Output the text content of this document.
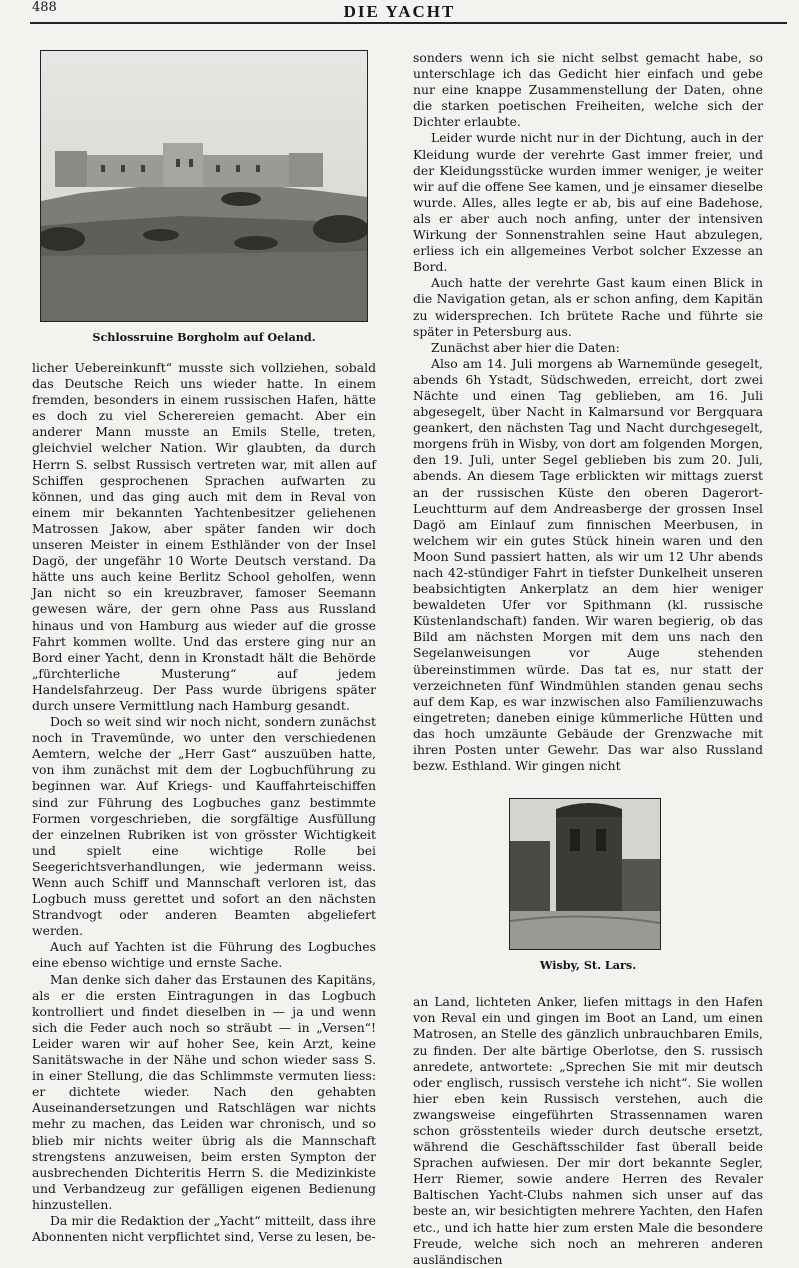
488	DIE YACHT
Schlossruine Borgholm auf Oeland.

licher Uebereinkunft“ musste sich vollziehen, sobald das Deutsche Reich uns wieder hatte. In einem fremden, besonders in einem russischen Hafen, hätte es doch zu viel Scherereien gemacht. Aber ein anderer Mann musste an Emils Stelle, treten, gleichviel welcher Nation. Wir glaubten, da durch Herrn S. selbst Russisch vertreten war, mit allen auf Schiffen gesprochenen Sprachen aufwarten zu können, und das ging auch mit dem in Reval von einem mir bekannten Yachtenbesitzer geliehenen Matrossen Jakow, aber später fanden wir doch unseren Meister in einem Esthländer von der Insel Dagö, der ungefähr 10 Worte Deutsch verstand. Da hätte uns auch keine Berlitz School geholfen, wenn Jan nicht so ein kreuzbraver, famoser Seemann gewesen wäre, der gern ohne Pass aus Russland hinaus und von Hamburg aus wieder auf die grosse Fahrt kommen wollte. Und das erstere ging nur an Bord einer Yacht, denn in Kronstadt hält die Behörde „fürchterliche Musterung“ auf jedem Handelsfahrzeug. Der Pass wurde übrigens später durch unsere Vermittlung nach Hamburg gesandt.

Doch so weit sind wir noch nicht, sondern zunächst noch in Travemünde, wo unter den verschiedenen Aemtern, welche der „Herr Gast“ auszuüben hatte, von ihm zunächst mit dem der Logbuchführung zu beginnen war. Auf Kriegs- und Kauffahrteischiffen sind zur Führung des Logbuches ganz bestimmte Formen vorgeschrieben, die sorgfältige Ausfüllung der einzelnen Rubriken ist von grösster Wichtigkeit und spielt eine wichtige Rolle bei Seegerichtsverhandlungen, wie jedermann weiss. Wenn auch Schiff und Mannschaft verloren ist, das Logbuch muss gerettet und sofort an den nächsten Strandvogt oder anderen Beamten abgeliefert werden.

Auch auf Yachten ist die Führung des Logbuches eine ebenso wichtige und ernste Sache.

Man denke sich daher das Erstaunen des Kapitäns, als er die ersten Eintragungen in das Logbuch kontrolliert und findet dieselben in — ja und wenn sich die Feder auch noch so sträubt — in „Versen“! Leider waren wir auf hoher See, kein Arzt, keine Sanitätswache in der Nähe und schon wieder sass S. in einer Stellung, die das Schlimmste vermuten liess: er dichtete wieder. Nach den gehabten Auseinandersetzungen und Ratschlägen war nichts mehr zu machen, das Leiden war chronisch, und so blieb mir nichts weiter übrig als die Mannschaft strengstens anzuweisen, beim ersten Sympton der ausbrechenden Dichteritis Herrn S. die Medizinkiste und Verbandzeug zur gefälligen eigenen Bedienung hinzustellen.

Da mir die Redaktion der „Yacht“ mitteilt, dass ihre Abonnenten nicht verpflichtet sind, Verse zu lesen, be-

sonders wenn ich sie nicht selbst gemacht habe, so unterschlage ich das Gedicht hier einfach und gebe nur eine knappe Zusammenstellung der Daten, ohne die starken poetischen Freiheiten, welche sich der Dichter erlaubte.

Leider wurde nicht nur in der Dichtung, auch in der Kleidung wurde der verehrte Gast immer freier, und der Kleidungsstücke wurden immer weniger, je weiter wir auf die offene See kamen, und je einsamer dieselbe wurde. Alles, alles legte er ab, bis auf eine Badehose, als er aber auch noch anfing, unter der intensiven Wirkung der Sonnenstrahlen seine Haut abzulegen, erliess ich ein allgemeines Verbot solcher Exzesse an Bord.

Auch hatte der verehrte Gast kaum einen Blick in die Navigation getan, als er schon anfing, dem Kapitän zu widersprechen. Ich brütete Rache und führte sie später in Petersburg aus.

Zunächst aber hier die Daten:

Also am 14. Juli morgens ab Warnemünde gesegelt, abends 6h Ystadt, Südschweden, erreicht, dort zwei Nächte und einen Tag geblieben, am 16. Juli abgesegelt, über Nacht in Kalmarsund vor Bergquara geankert, den nächsten Tag und Nacht durchgesegelt, morgens früh in Wisby, von dort am folgenden Morgen, den 19. Juli, unter Segel geblieben bis zum 20. Juli, abends. An diesem Tage erblickten wir mittags zuerst an der russischen Küste den oberen Dagerort-Leuchtturm auf dem Andreasberge der grossen Insel Dagö am Einlauf zum finnischen Meerbusen, in welchem wir ein gutes Stück hinein waren und den Moon Sund passiert hatten, als wir um 12 Uhr abends nach 42-stündiger Fahrt in tiefster Dunkelheit unseren beabsichtigten Ankerplatz an dem hier weniger bewaldeten Ufer vor Spithmann (kl. russische Küstenlandschaft) fanden. Wir waren begierig, ob das Bild am nächsten Morgen mit dem uns nach den Segelanweisungen vor Auge stehenden übereinstimmen würde. Das tat es, nur statt der verzeichneten fünf Windmühlen standen genau sechs auf dem Kap, es war inzwischen also Familienzuwachs eingetreten; daneben einige kümmerliche Hütten und das hoch umzäunte Gebäude der Grenzwache mit ihren Posten unter Gewehr. Das war also Russland bezw. Esthland. Wir gingen nicht

Wisby, St. Lars.

an Land, lichteten Anker, liefen mittags in den Hafen von Reval ein und gingen im Boot an Land, um einen Matrosen, an Stelle des gänzlich unbrauchbaren Emils, zu finden. Der alte bärtige Oberlotse, den S. russisch anredete, antwortete: „Sprechen Sie mit mir deutsch oder englisch, russisch verstehe ich nicht“. Sie wollen hier eben kein Russisch verstehen, auch die zwangsweise eingeführten Strassennamen waren schon grösstenteils wieder durch deutsche ersetzt, während die Geschäftsschilder fast überall beide Sprachen aufwiesen. Der mir dort bekannte Segler, Herr Riemer, sowie andere Herren des Revaler Baltischen Yacht-Clubs nahmen sich unser auf das beste an, wir besichtigten mehrere Yachten, den Hafen etc., und ich hatte hier zum ersten Male die besondere Freude, welche sich noch an mehreren anderen ausländischen
